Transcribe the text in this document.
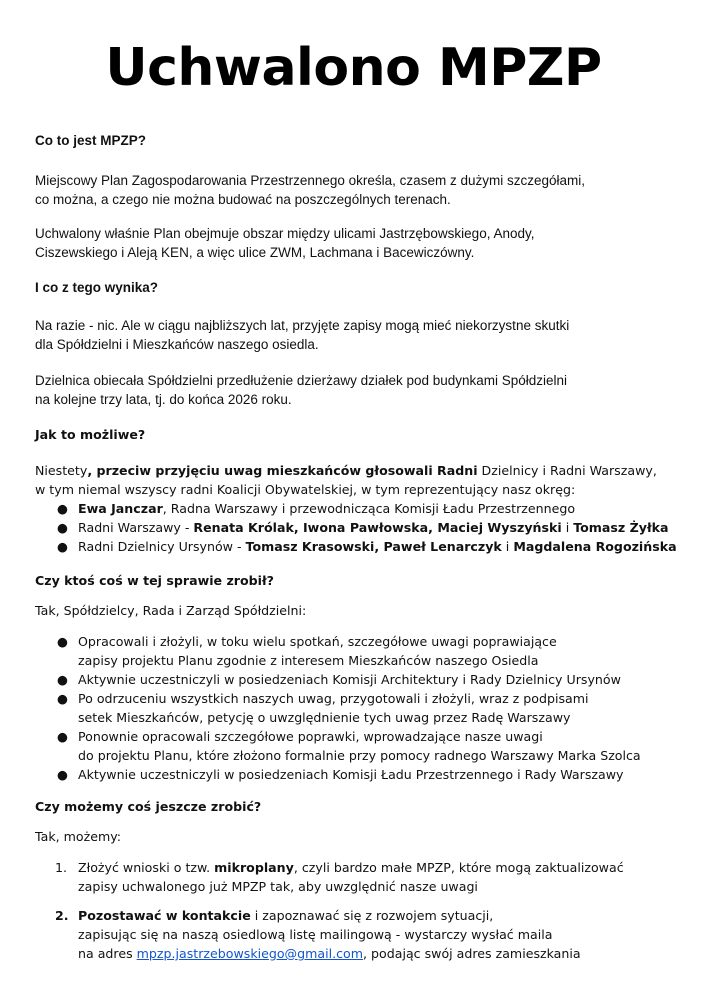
Uchwalono MPZP
Co to jest MPZP?
Miejscowy Plan Zagospodarowania Przestrzennego określa, czasem z dużymi szczegółami,
co można, a czego nie można budować na poszczególnych terenach.
Uchwalony właśnie Plan obejmuje obszar między ulicami Jastrzębowskiego, Anody,
Ciszewskiego i Aleją KEN, a więc ulice ZWM, Lachmana i Bacewiczówny.
I co z tego wynika?
Na razie - nic. Ale w ciągu najbliższych lat, przyjęte zapisy mogą mieć niekorzystne skutki
dla Spółdzielni i Mieszkańców naszego osiedla.
Dzielnica obiecała Spółdzielni przedłużenie dzierżawy działek pod budynkami Spółdzielni
na kolejne trzy lata, tj. do końca 2026 roku.
Jak to możliwe?
Niestety, przeciw przyjęciu uwag mieszkańców głosowali Radni Dzielnicy i Radni Warszawy,
w tym niemal wszyscy radni Koalicji Obywatelskiej, w tym reprezentujący nasz okręg:
● Ewa Janczar, Radna Warszawy i przewodnicząca Komisji Ładu Przestrzennego
● Radni Warszawy - Renata Królak, Iwona Pawłowska, Maciej Wyszyński i Tomasz Żyłka
● Radni Dzielnicy Ursynów - Tomasz Krasowski, Paweł Lenarczyk i Magdalena Rogozińska
Czy ktoś coś w tej sprawie zrobił?
Tak, Spółdzielcy, Rada i Zarząd Spółdzielni:
● Opracowali i złożyli, w toku wielu spotkań, szczegółowe uwagi poprawiające
zapisy projektu Planu zgodnie z interesem Mieszkańców naszego Osiedla
● Aktywnie uczestniczyli w posiedzeniach Komisji Architektury i Rady Dzielnicy Ursynów
● Po odrzuceniu wszystkich naszych uwag, przygotowali i złożyli, wraz z podpisami
setek Mieszkańców, petycję o uwzględnienie tych uwag przez Radę Warszawy
● Ponownie opracowali szczegółowe poprawki, wprowadzające nasze uwagi
do projektu Planu, które złożono formalnie przy pomocy radnego Warszawy Marka Szolca
● Aktywnie uczestniczyli w posiedzeniach Komisji Ładu Przestrzennego i Rady Warszawy
Czy możemy coś jeszcze zrobić?
Tak, możemy:
1. Złożyć wnioski o tzw. mikroplany, czyli bardzo małe MPZP, które mogą zaktualizować
zapisy uchwalonego już MPZP tak, aby uwzględnić nasze uwagi
2. Pozostawać w kontakcie i zapoznawać się z rozwojem sytuacji,
zapisując się na naszą osiedlową listę mailingową - wystarczy wysłać maila
na adres mpzp.jastrzebowskiego@gmail.com, podając swój adres zamieszkania
